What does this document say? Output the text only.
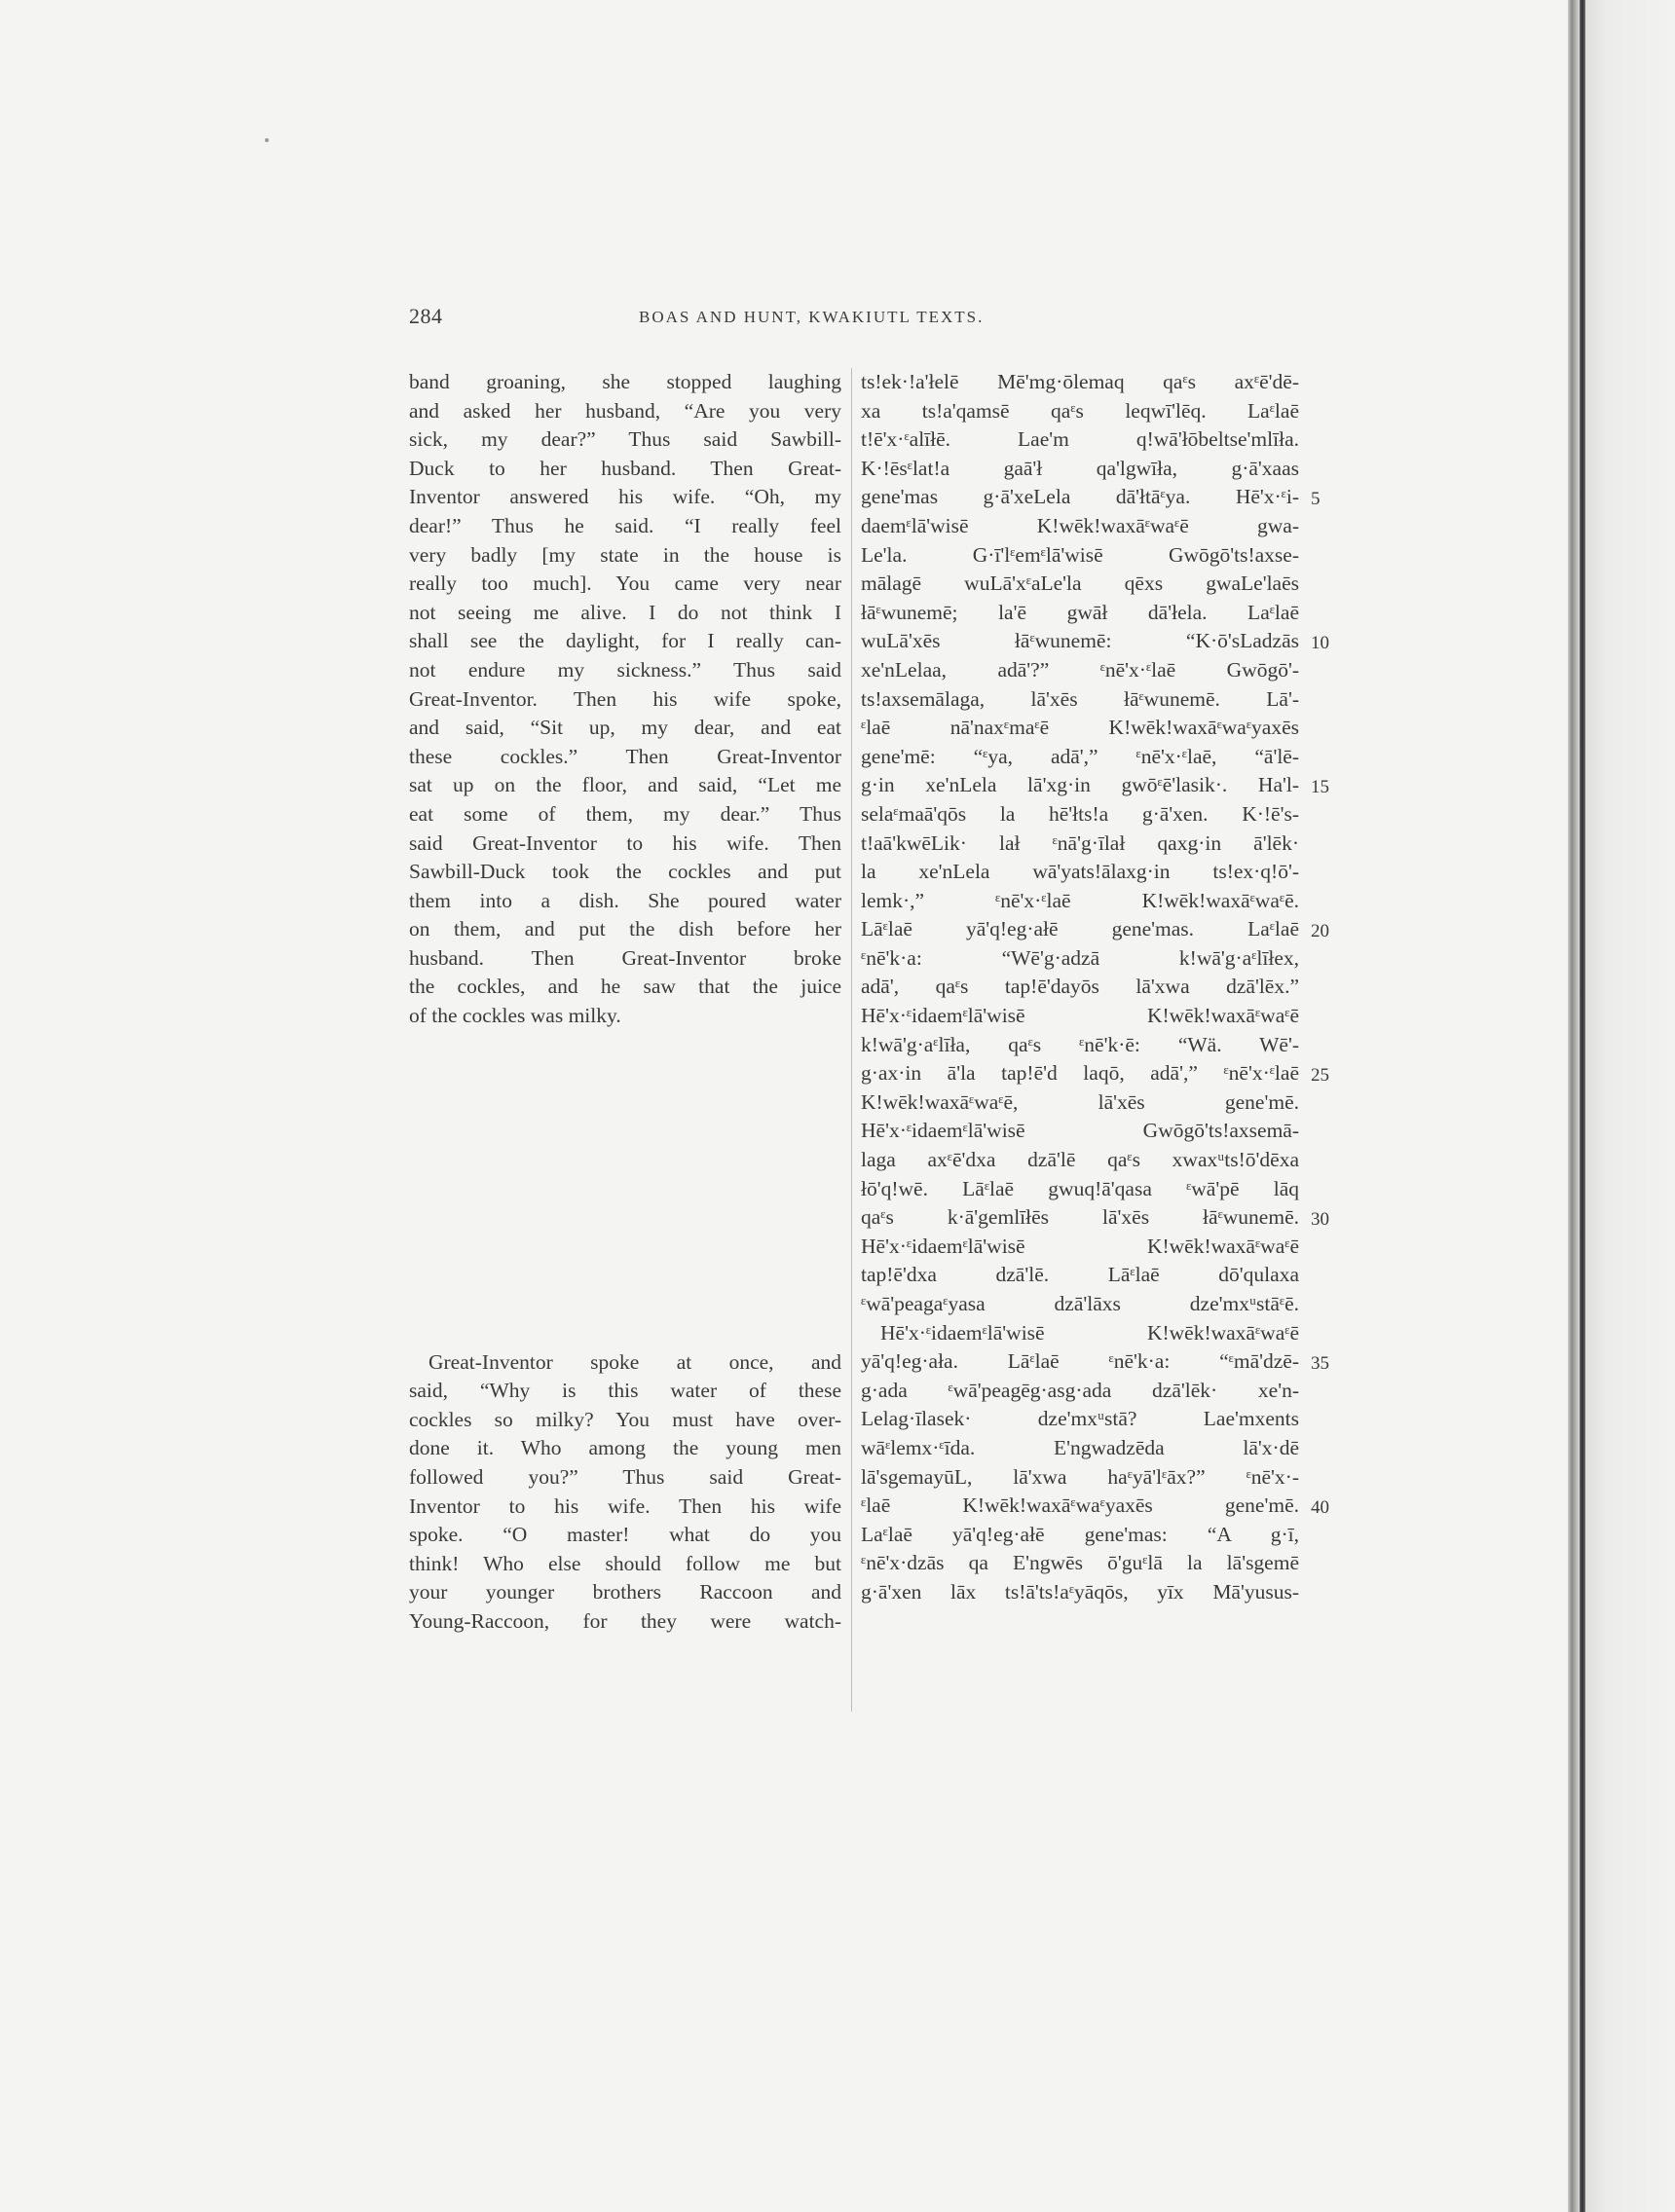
284	BOAS AND HUNT, KWAKIUTL TEXTS.
band groaning, she stopped laughing
and asked her husband, “Are you very
sick, my dear?” Thus said Sawbill-
Duck to her husband. Then Great-
Inventor answered his wife. “Oh, my
dear!” Thus he said. “I really feel
very badly [my state in the house is
really too much]. You came very near
not seeing me alive. I do not think I
shall see the daylight, for I really can-
not endure my sickness.” Thus said
Great-Inventor. Then his wife spoke,
and said, “Sit up, my dear, and eat
these cockles.” Then Great-Inventor
sat up on the floor, and said, “Let me
eat some of them, my dear.” Thus
said Great-Inventor to his wife. Then
Sawbill-Duck took the cockles and put
them into a dish. She poured water
on them, and put the dish before her
husband. Then Great-Inventor broke
the cockles, and he saw that the juice
of the cockles was milky.
Great-Inventor spoke at once, and
said, “Why is this water of these
cockles so milky? You must have over-
done it. Who among the young men
followed you?” Thus said Great-
Inventor to his wife. Then his wife
spoke. “O master! what do you
think! Who else should follow me but
your younger brothers Raccoon and
Young-Raccoon, for they were watch-
ts!ek·!a'łelē Mē'mg·ōlemaq qaᵋs axᵋē'dē-
xa ts!a'qamsē qaᵋs leqwī'lēq. Laᵋlaē
t!ē'x·ᵋalīłē. Lae'm q!wā'łōbeltse'mlīła.
K·!ēsᵋlat!a gaā'ł qa'lgwīła, g·ā'xaas
gene'mas g·ā'xeLela dā'łtāᵋya. Hē'x·ᵋi-
daemᵋlā'wisē K!wēk!waxāᵋwaᵋē gwa-
Le'la. G·ī'lᵋemᵋlā'wisē Gwōgō'ts!axse-
mālagē wuLā'xᵋaLe'la qēxs gwaLe'laēs
łāᵋwunemē; la'ē gwāł dā'łela. Laᵋlaē
wuLā'xēs łāᵋwunemē: “K·ō'sLadzās
xe'nLelaa, adā'?” ᵋnē'x·ᵋlaē Gwōgō'-
ts!axsemālaga, lā'xēs łāᵋwunemē. Lā'-
ᵋlaē nā'naxᵋmaᵋē K!wēk!waxāᵋwaᵋyaxēs
gene'mē: “ᵋya, adā',” ᵋnē'x·ᵋlaē, “ā'lē-
g·in xe'nLela lā'xg·in gwōᵋē'lasik·. Ha'l-
selaᵋmaā'qōs la hē'łts!a g·ā'xen. K·!ē's-
t!aā'kwēLik· lał ᵋnā'g·īlał qaxg·in ā'lēk·
la xe'nLela wā'yats!ālaxg·in ts!ex·q!ō'-
lemk·,” ᵋnē'x·ᵋlaē K!wēk!waxāᵋwaᵋē.
Lāᵋlaē yā'q!eg·ałē gene'mas. Laᵋlaē
ᵋnē'k·a: “Wē'g·adzā k!wā'g·aᵋlīłex,
adā', qaᵋs tap!ē'dayōs lā'xwa dzā'lēx.”
Hē'x·ᵋidaemᵋlā'wisē K!wēk!waxāᵋwaᵋē
k!wā'g·aᵋlīła, qaᵋs ᵋnē'k·ē: “Wä. Wē'-
g·ax·in ā'la tap!ē'd laqō, adā',” ᵋnē'x·ᵋlaē
K!wēk!waxāᵋwaᵋē, lā'xēs gene'mē.
Hē'x·ᵋidaemᵋlā'wisē Gwōgō'ts!axsemā-
laga axᵋē'dxa dzā'lē qaᵋs xwaxᵘts!ō'dēxa
łō'q!wē. Lāᵋlaē gwuq!ā'qasa ᵋwā'pē lāq
qaᵋs k·ā'gemlīłēs lā'xēs łāᵋwunemē.
Hē'x·ᵋidaemᵋlā'wisē K!wēk!waxāᵋwaᵋē
tap!ē'dxa dzā'lē. Lāᵋlaē dō'qulaxa
ᵋwā'peagaᵋyasa dzā'lāxs dze'mxᵘstāᵋē.
Hē'x·ᵋidaemᵋlā'wisē K!wēk!waxāᵋwaᵋē
yā'q!eg·ała. Lāᵋlaē ᵋnē'k·a: “ᵋmā'dzē-
g·ada ᵋwā'peagēg·asg·ada dzā'lēk· xe'n-
Lelag·īlasek· dze'mxᵘstā? Lae'mxents
wāᵋlemx·ᵋīda. E'ngwadzēda lā'x·dē
lā'sgemayūL, lā'xwa haᵋyā'lᵋāx?” ᵋnē'x·-
ᵋlaē K!wēk!waxāᵋwaᵋyaxēs gene'mē.
Laᵋlaē yā'q!eg·ałē gene'mas: “A g·ī,
ᵋnē'x·dzās qa E'ngwēs ō'guᵋlā la lā'sgemē
g·ā'xen lāx ts!ā'ts!aᵋyāqōs, yīx Mā'yusus-
5
10
15
20
25
30
35
40
